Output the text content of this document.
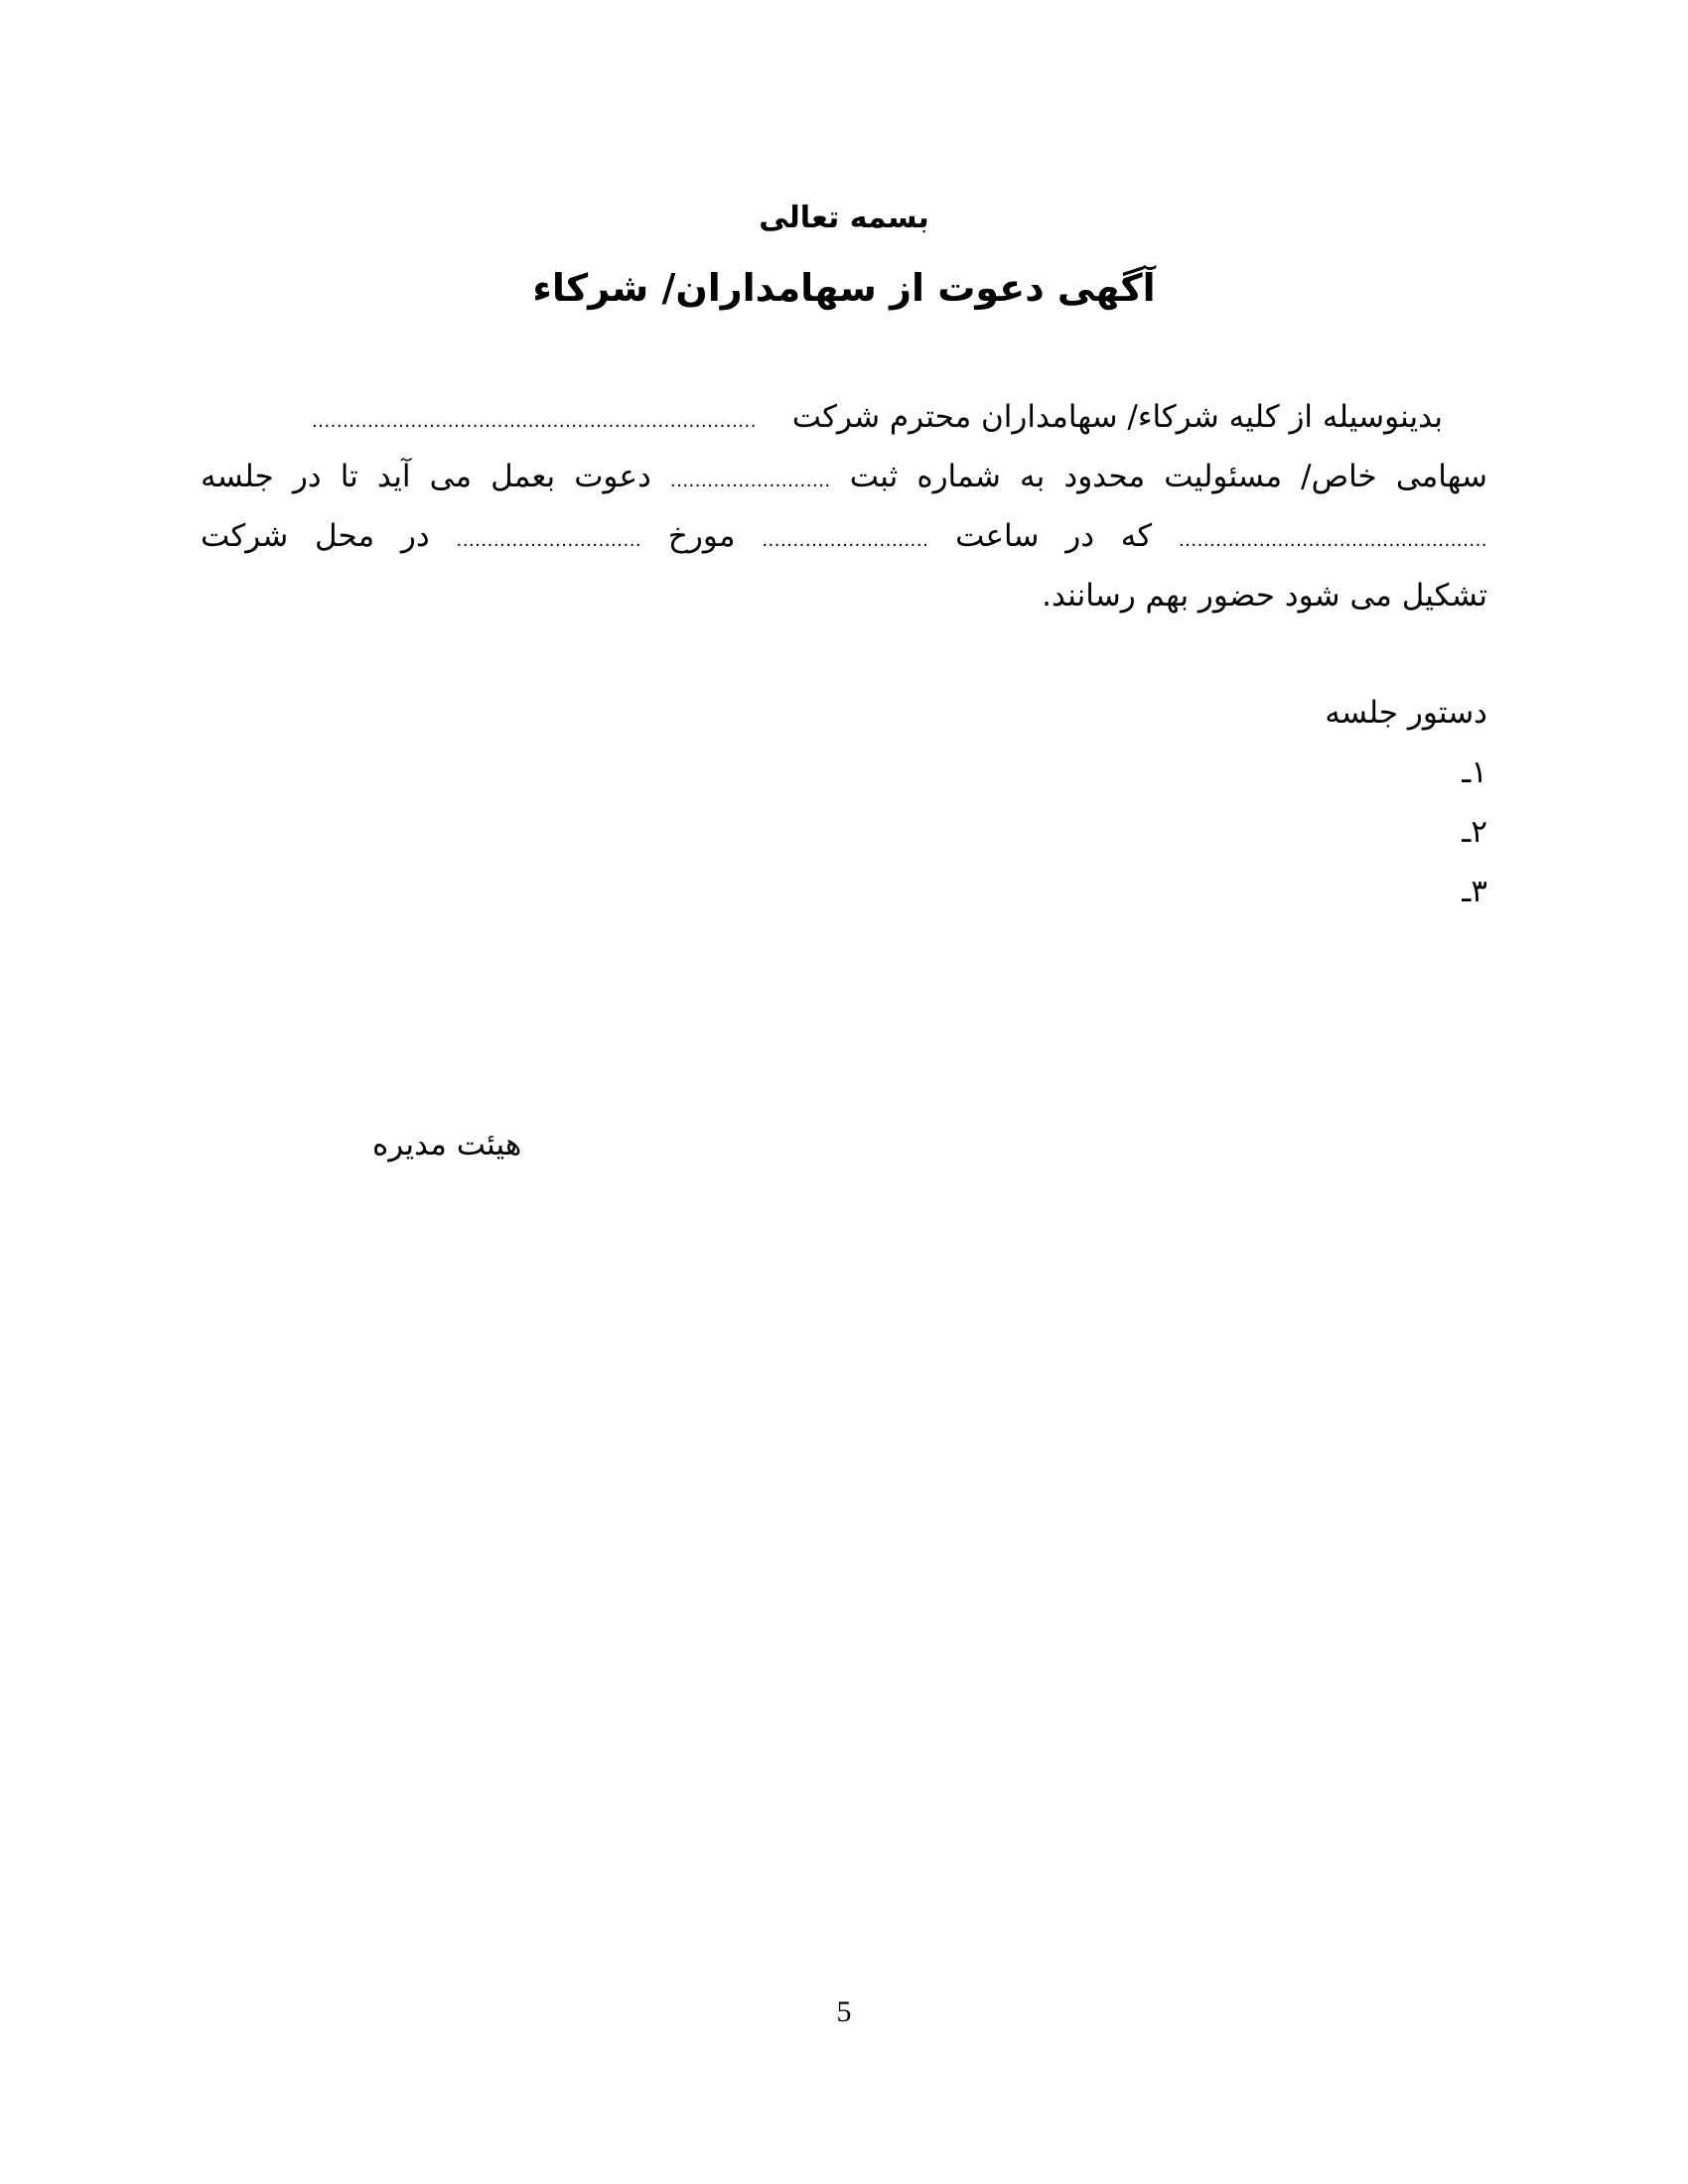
بسمه تعالی
آگهی دعوت از سهامداران/ شرکاء
بدینوسیله از کلیه شرکاء/ سهامداران محترم شرکت ........................................................................
سهامی خاص/ مسئولیت محدود به شماره ثبت .......................... دعوت بعمل می آید تا در جلسه
.................................................. که در ساعت ........................... مورخ .............................. در محل شرکت
تشکیل می شود حضور بهم رسانند.
دستور جلسه
۱ـ
۲ـ
۳ـ
هیئت مدیره
5
